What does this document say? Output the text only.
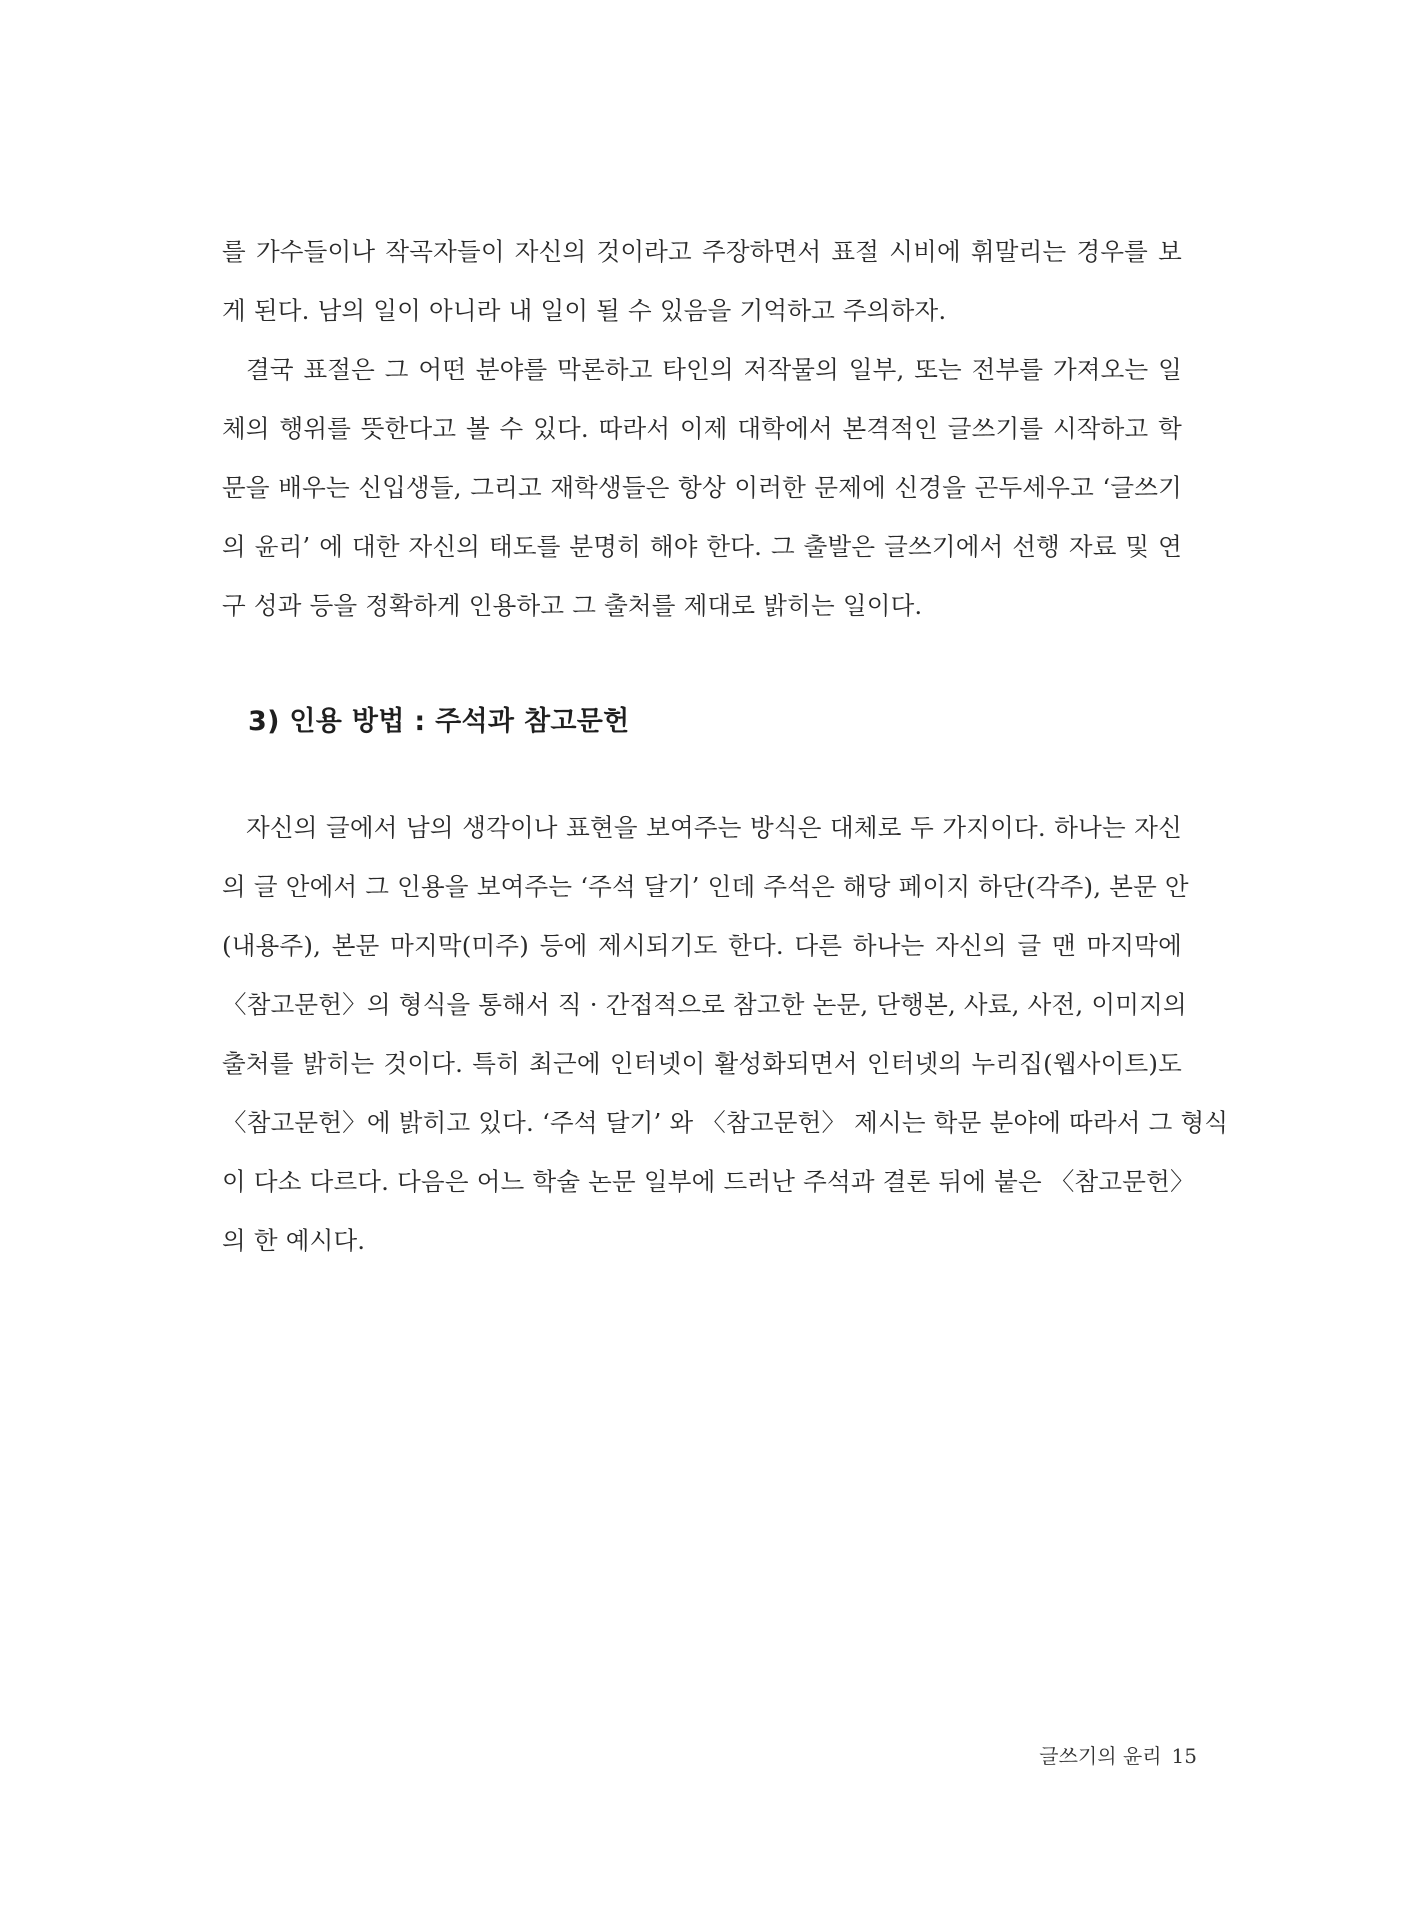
를 가수들이나 작곡자들이 자신의 것이라고 주장하면서 표절 시비에 휘말리는 경우를 보
게 된다. 남의 일이 아니라 내 일이 될 수 있음을 기억하고 주의하자.
결국 표절은 그 어떤 분야를 막론하고 타인의 저작물의 일부, 또는 전부를 가져오는 일
체의 행위를 뜻한다고 볼 수 있다. 따라서 이제 대학에서 본격적인 글쓰기를 시작하고 학
문을 배우는 신입생들, 그리고 재학생들은 항상 이러한 문제에 신경을 곤두세우고 ‘글쓰기
의 윤리’ 에 대한 자신의 태도를 분명히 해야 한다. 그 출발은 글쓰기에서 선행 자료 및 연
구 성과 등을 정확하게 인용하고 그 출처를 제대로 밝히는 일이다.
3) 인용 방법 : 주석과 참고문헌
자신의 글에서 남의 생각이나 표현을 보여주는 방식은 대체로 두 가지이다. 하나는 자신
의 글 안에서 그 인용을 보여주는 ‘주석 달기’ 인데 주석은 해당 페이지 하단(각주), 본문 안
(내용주), 본문 마지막(미주) 등에 제시되기도 한다. 다른 하나는 자신의 글 맨 마지막에
〈참고문헌〉의 형식을 통해서 직 · 간접적으로 참고한 논문, 단행본, 사료, 사전, 이미지의
출처를 밝히는 것이다. 특히 최근에 인터넷이 활성화되면서 인터넷의 누리집(웹사이트)도
〈참고문헌〉에 밝히고 있다. ‘주석 달기’ 와 〈참고문헌〉 제시는 학문 분야에 따라서 그 형식
이 다소 다르다. 다음은 어느 학술 논문 일부에 드러난 주석과 결론 뒤에 붙은 〈참고문헌〉
의 한 예시다.
글쓰기의 윤리 15
